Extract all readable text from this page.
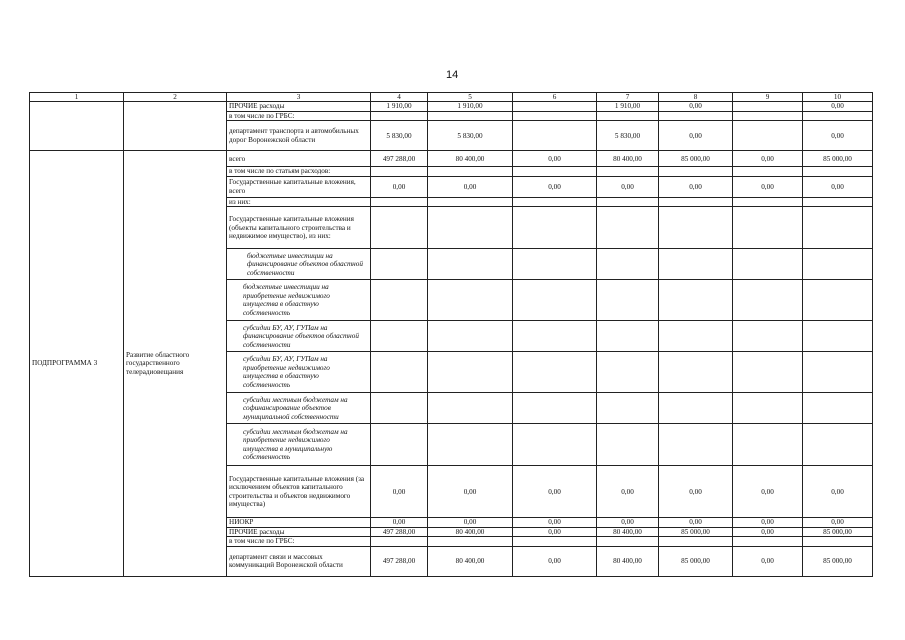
14
1	2	3	4	5	6	7	8	9	10
		ПРОЧИЕ расходы	1 910,00	1 910,00		1 910,00	0,00		0,00
		в том числе по ГРБС:							
		департамент транспорта и автомобильных дорог Воронежской области	5 830,00	5 830,00		5 830,00	0,00		0,00
ПОДПРОГРАММА 3	Развитие областного государственного телерадиовещания	всего	497 288,00	80 400,00	0,00	80 400,00	85 000,00	0,00	85 000,00
		в том числе по статьям расходов:							
		Государственные капитальные вложения, всего	0,00	0,00	0,00	0,00	0,00	0,00	0,00
		из них:							
		Государственные капитальные вложения (объекты капитального строительства и недвижимое имущество), из них:							
		бюджетные инвестиции на финансирование объектов областной собственности							
		бюджетные инвестиции на приобретение недвижимого имущества в областную собственность							
		субсидии БУ, АУ, ГУПам на финансирование объектов областной собственности							
		субсидии БУ, АУ, ГУПам на приобретение недвижимого имущества в областную собственность							
		субсидии местным бюджетам на софинансирование объектов муниципальной собственности							
		субсидии местным бюджетам на приобретение недвижимого имущества в муниципальную собственность							
		Государственные капитальные вложения (за исключением объектов капитального строительства и объектов недвижимого имущества)	0,00	0,00	0,00	0,00	0,00	0,00	0,00
		НИОКР	0,00	0,00	0,00	0,00	0,00	0,00	0,00
		ПРОЧИЕ расходы	497 288,00	80 400,00	0,00	80 400,00	85 000,00	0,00	85 000,00
		в том числе по ГРБС:							
		департамент связи и массовых коммуникаций Воронежской области	497 288,00	80 400,00	0,00	80 400,00	85 000,00	0,00	85 000,00
